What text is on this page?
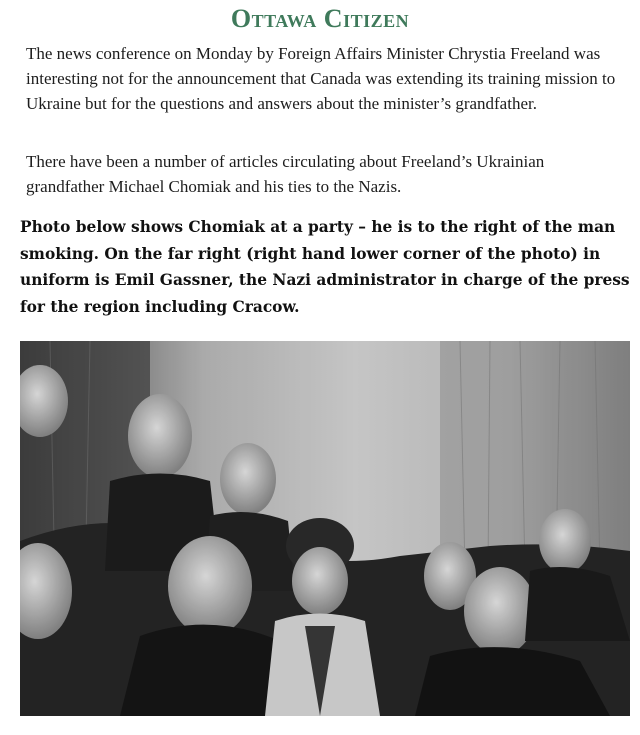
Ottawa Citizen

The news conference on Monday by Foreign Affairs Minister Chrystia Freeland was interesting not for the announcement that Canada was extending its training mission to Ukraine but for the questions and answers about the minister’s grandfather.

There have been a number of articles circulating about Freeland’s Ukrainian grandfather Michael Chomiak and his ties to the Nazis.

Photo below shows Chomiak at a party – he is to the right of the man smoking. On the far right (right hand lower corner of the photo) in uniform is Emil Gassner, the Nazi administrator in charge of the press for the region including Cracow.
